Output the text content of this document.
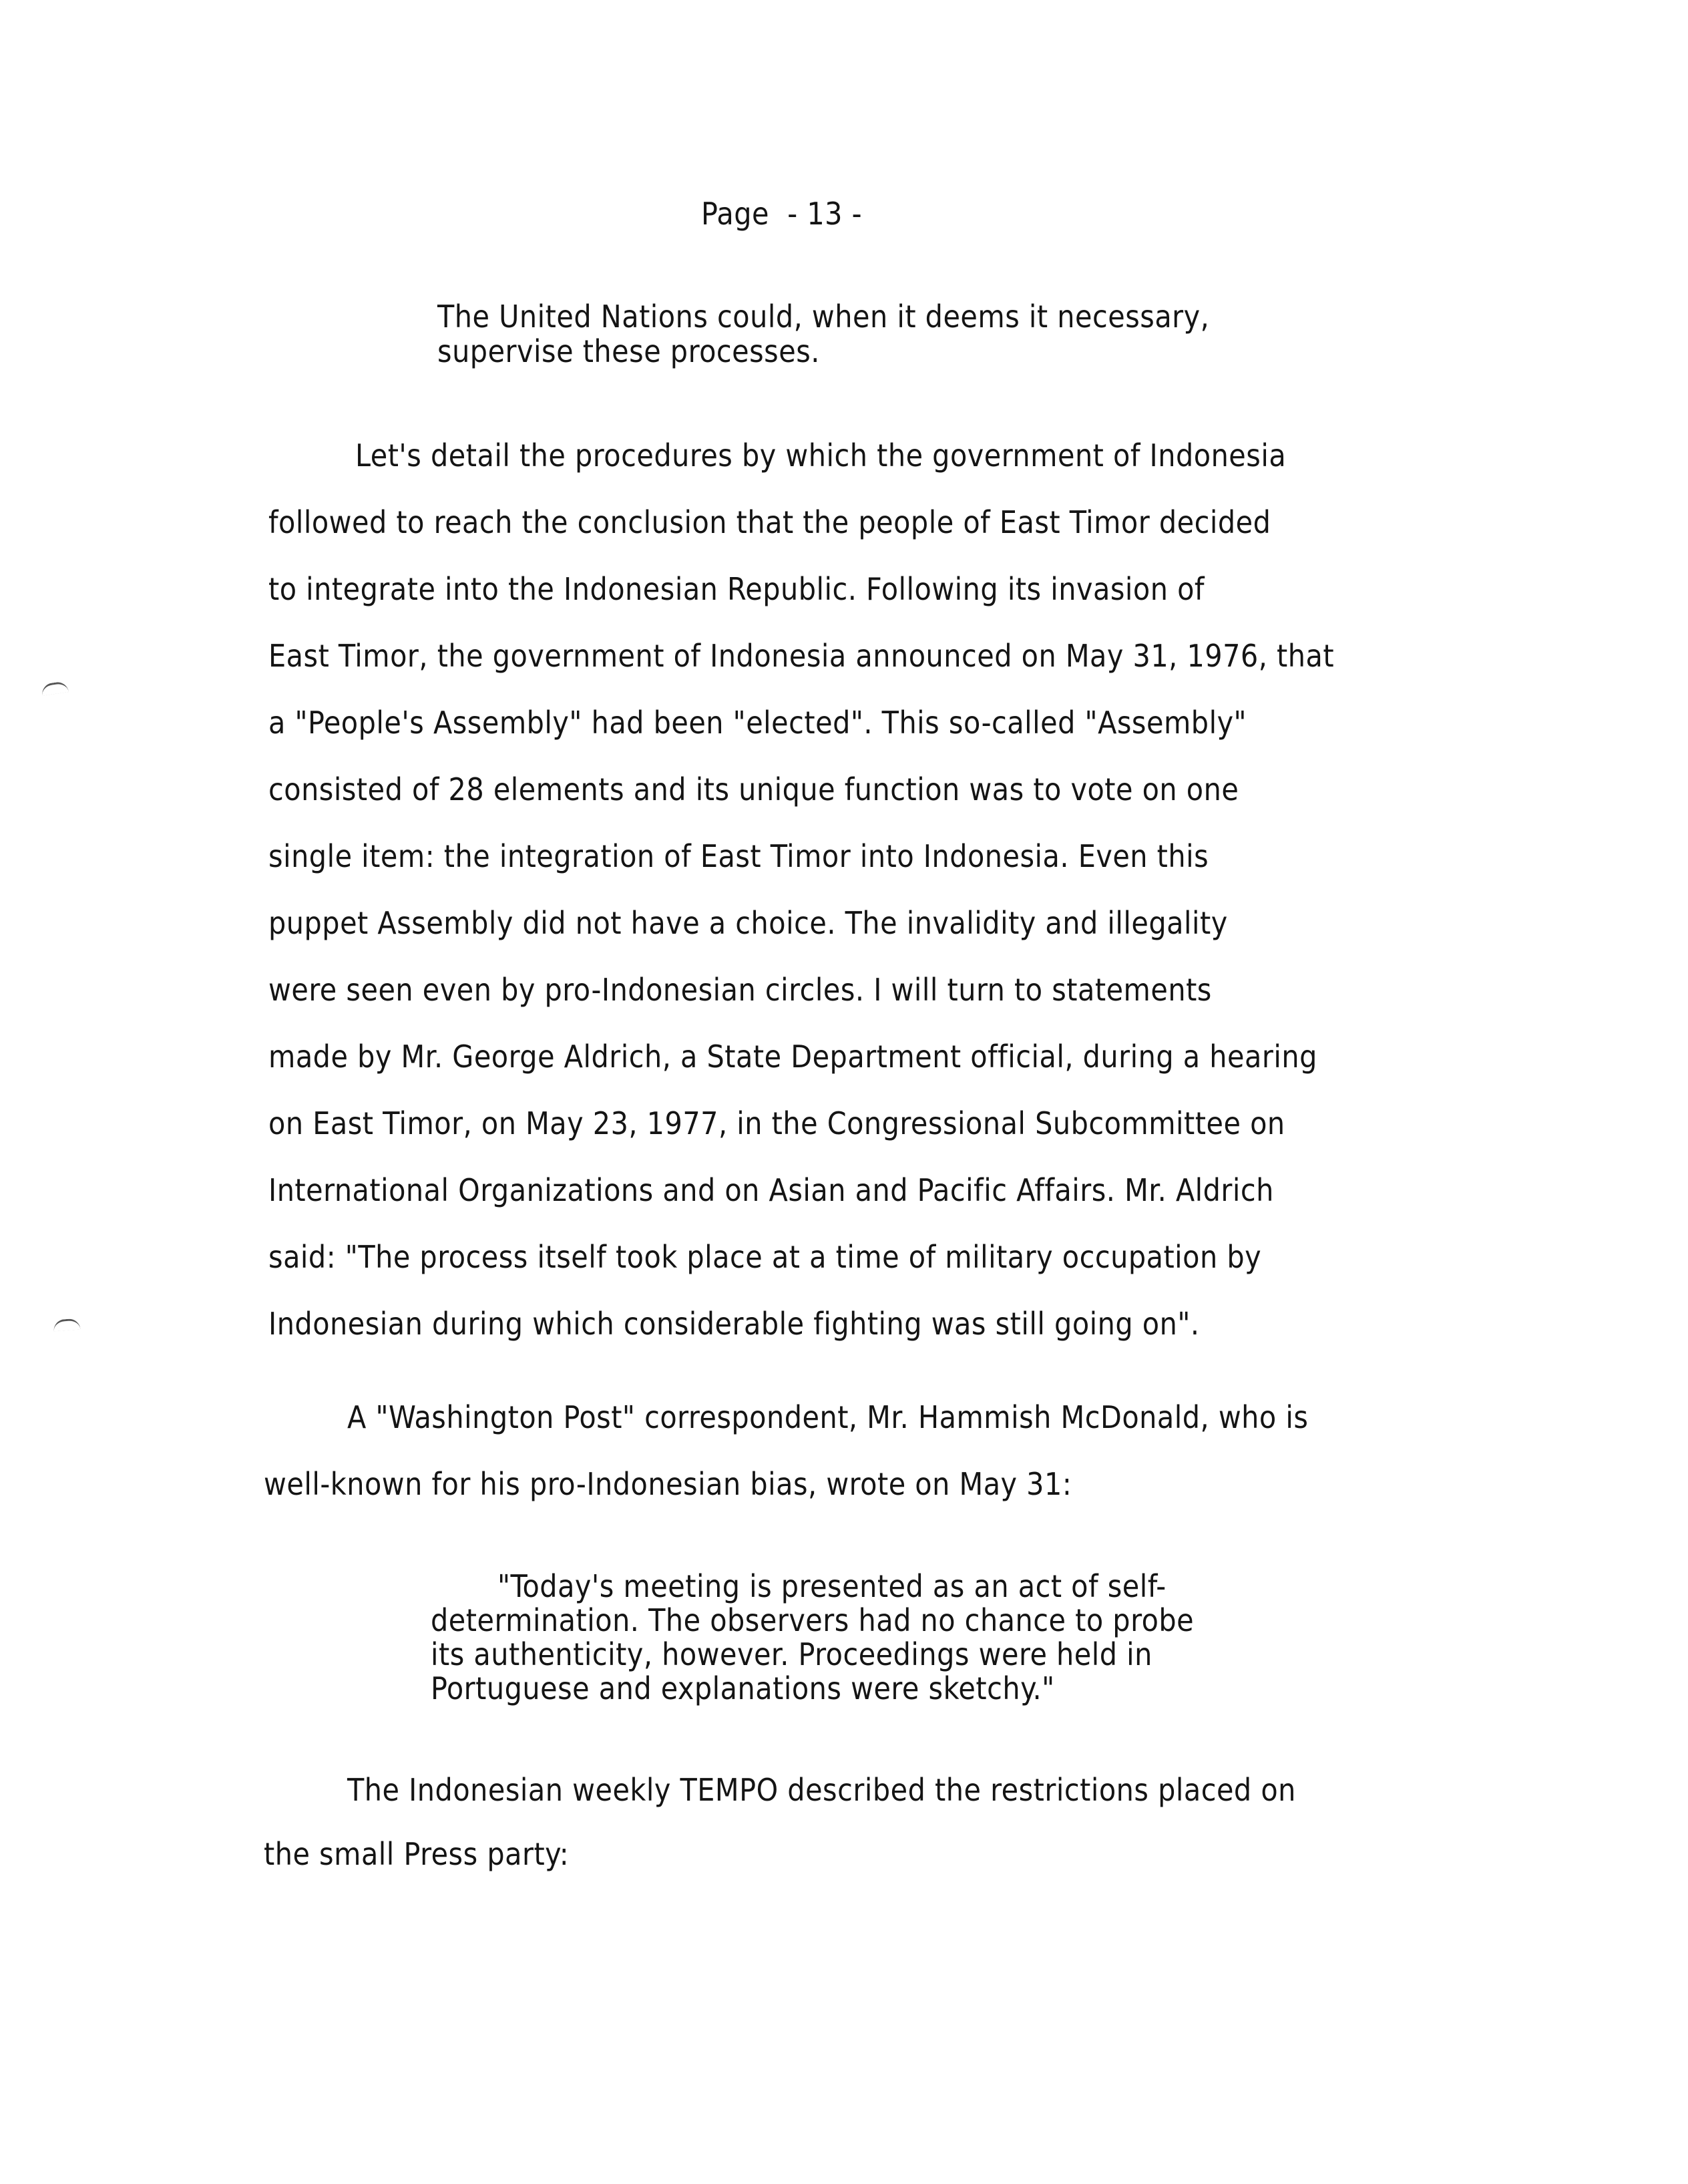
Page  - 13 -
The United Nations could, when it deems it necessary,
supervise these processes.
Let's detail the procedures by which the government of Indonesia
followed to reach the conclusion that the people of East Timor decided
to integrate into the Indonesian Republic. Following its invasion of
East Timor, the government of Indonesia announced on May 31, 1976, that
a "People's Assembly" had been "elected". This so-called "Assembly"
consisted of 28 elements and its unique function was to vote on one
single item: the integration of East Timor into Indonesia. Even this
puppet Assembly did not have a choice. The invalidity and illegality
were seen even by pro-Indonesian circles. I will turn to statements
made by Mr. George Aldrich, a State Department official, during a hearing
on East Timor, on May 23, 1977, in the Congressional Subcommittee on
International Organizations and on Asian and Pacific Affairs. Mr. Aldrich
said: "The process itself took place at a time of military occupation by
Indonesian during which considerable fighting was still going on".
A "Washington Post" correspondent, Mr. Hammish McDonald, who is
well-known for his pro-Indonesian bias, wrote on May 31:
"Today's meeting is presented as an act of self-
determination. The observers had no chance to probe
its authenticity, however. Proceedings were held in
Portuguese and explanations were sketchy."
The Indonesian weekly TEMPO described the restrictions placed on
the small Press party:
